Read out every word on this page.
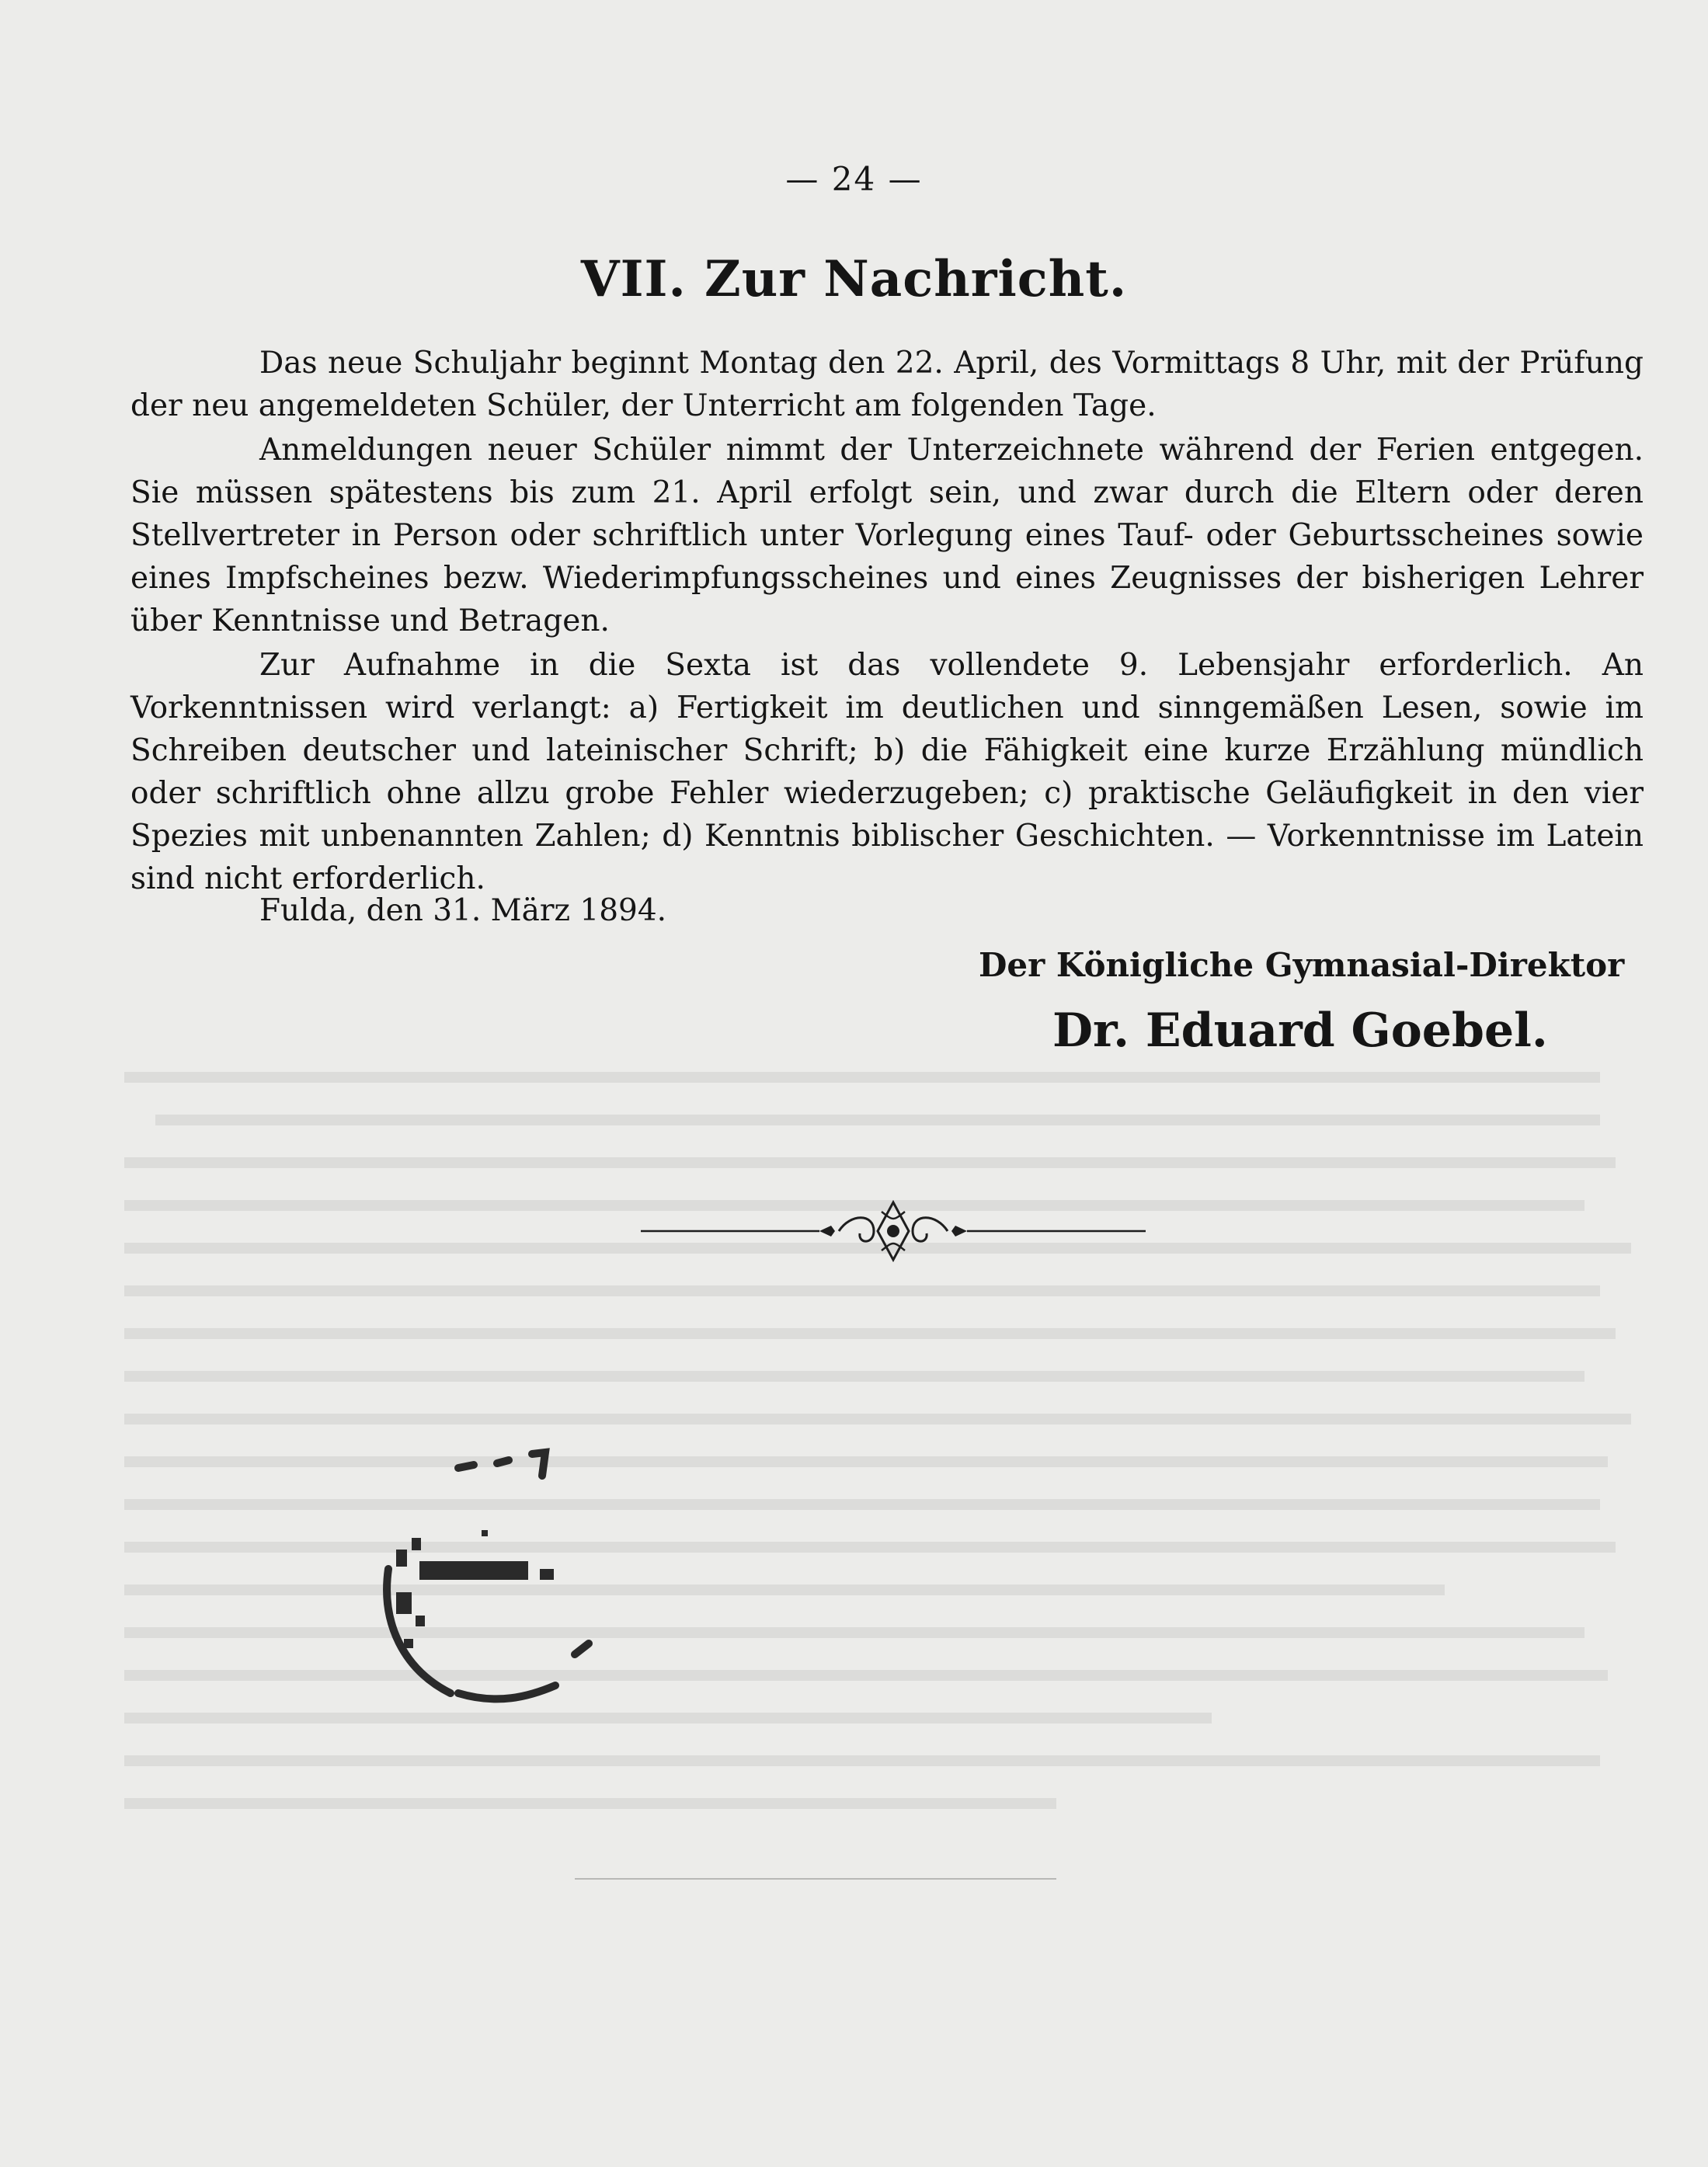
— 24 —
VII. Zur Nachricht.

Das neue Schuljahr beginnt Montag den 22. April, des Vormittags 8 Uhr, mit der Prüfung der neu angemeldeten Schüler, der Unterricht am folgenden Tage.

Anmeldungen neuer Schüler nimmt der Unterzeichnete während der Ferien entgegen. Sie müssen spätestens bis zum 21. April erfolgt sein, und zwar durch die Eltern oder deren Stellvertreter in Person oder schriftlich unter Vorlegung eines Tauf- oder Geburtsscheines sowie eines Impfscheines bezw. Wiederimpfungsscheines und eines Zeugnisses der bisherigen Lehrer über Kenntnisse und Betragen.

Zur Aufnahme in die Sexta ist das vollendete 9. Lebensjahr erforderlich. An Vorkenntnissen wird verlangt: a) Fertigkeit im deutlichen und sinngemäßen Lesen, sowie im Schreiben deutscher und lateinischer Schrift; b) die Fähigkeit eine kurze Erzählung mündlich oder schriftlich ohne allzu grobe Fehler wiederzugeben; c) praktische Geläufigkeit in den vier Spezies mit unbenannten Zahlen; d) Kenntnis biblischer Geschichten. — Vorkenntnisse im Latein sind nicht erforderlich.

Fulda, den 31. März 1894.
Der Königliche Gymnasial-Direktor
Dr. Eduard Goebel.
